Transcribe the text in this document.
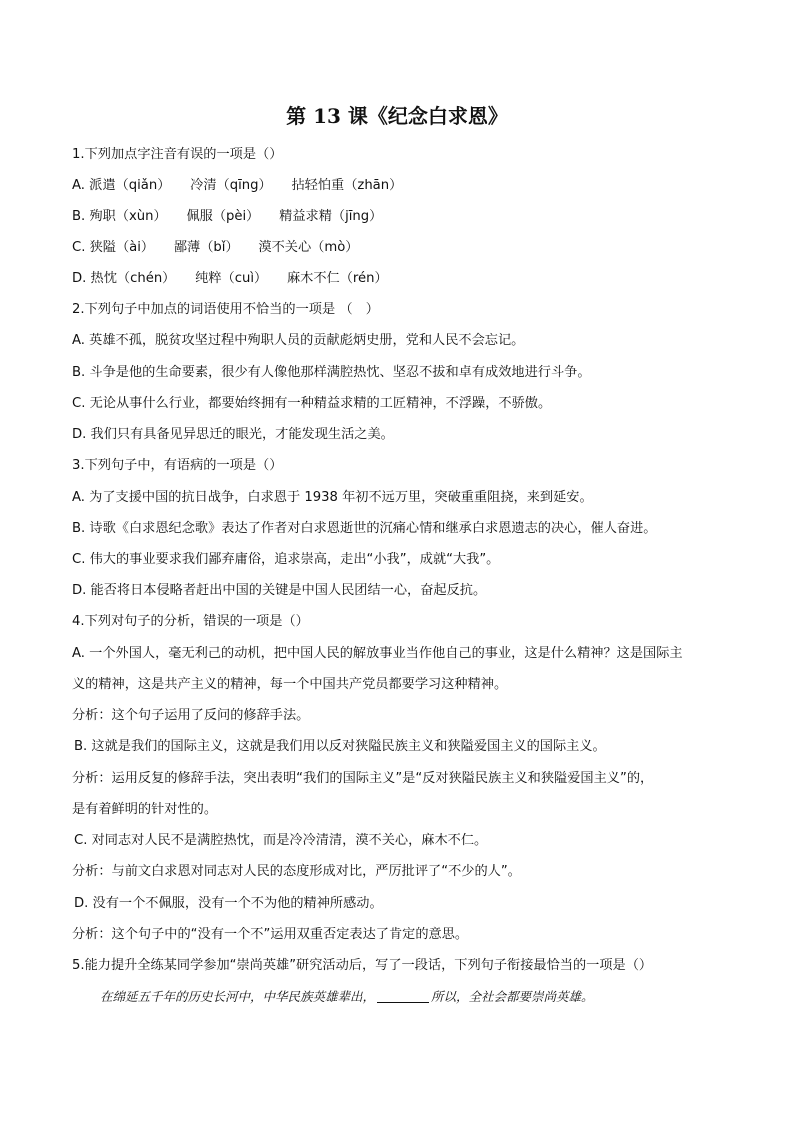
第 13 课《纪念白求恩》
1.下列加点字注音有误的一项是（）
A. 派遣（qiǎn）　　冷清（qīng）　　拈轻怕重（zhān）
B. 殉职（xùn）　　佩服（pèi）　　精益求精（jīng）
C. 狭隘（ài）　　鄙薄（bǐ）　　漠不关心（mò）
D. 热忱（chén）　　纯粹（cuì）　　麻木不仁（rén）
2.下列句子中加点的词语使用不恰当的一项是 （　）
A. 英雄不孤，脱贫攻坚过程中殉职人员的贡献彪炳史册，党和人民不会忘记。
B. 斗争是他的生命要素，很少有人像他那样满腔热忱、坚忍不拔和卓有成效地进行斗争。
C. 无论从事什么行业，都要始终拥有一种精益求精的工匠精神，不浮躁，不骄傲。
D. 我们只有具备见异思迁的眼光，才能发现生活之美。
3.下列句子中，有语病的一项是（）
A. 为了支援中国的抗日战争，白求恩于 1938 年初不远万里，突破重重阻挠，来到延安。
B. 诗歌《白求恩纪念歌》表达了作者对白求恩逝世的沉痛心情和继承白求恩遗志的决心，催人奋进。
C. 伟大的事业要求我们鄙弃庸俗，追求崇高，走出“小我”，成就“大我”。
D. 能否将日本侵略者赶出中国的关键是中国人民团结一心，奋起反抗。
4.下列对句子的分析，错误的一项是（）
A. 一个外国人，毫无利己的动机，把中国人民的解放事业当作他自己的事业，这是什么精神？这是国际主
义的精神，这是共产主义的精神，每一个中国共产党员都要学习这种精神。
分析：这个句子运用了反问的修辞手法。
B. 这就是我们的国际主义，这就是我们用以反对狭隘民族主义和狭隘爱国主义的国际主义。
分析：运用反复的修辞手法，突出表明“我们的国际主义”是“反对狭隘民族主义和狭隘爱国主义”的，
是有着鲜明的针对性的。
C. 对同志对人民不是满腔热忱，而是冷冷清清，漠不关心，麻木不仁。
分析：与前文白求恩对同志对人民的态度形成对比，严厉批评了“不少的人”。
D. 没有一个不佩服，没有一个不为他的精神所感动。
分析：这个句子中的“没有一个不”运用双重否定表达了肯定的意思。
5.能力提升全练某同学参加“崇尚英雄”研究活动后，写了一段话，下列句子衔接最恰当的一项是（）
在绵延五千年的历史长河中，中华民族英雄辈出，	所以，全社会都要崇尚英雄。
